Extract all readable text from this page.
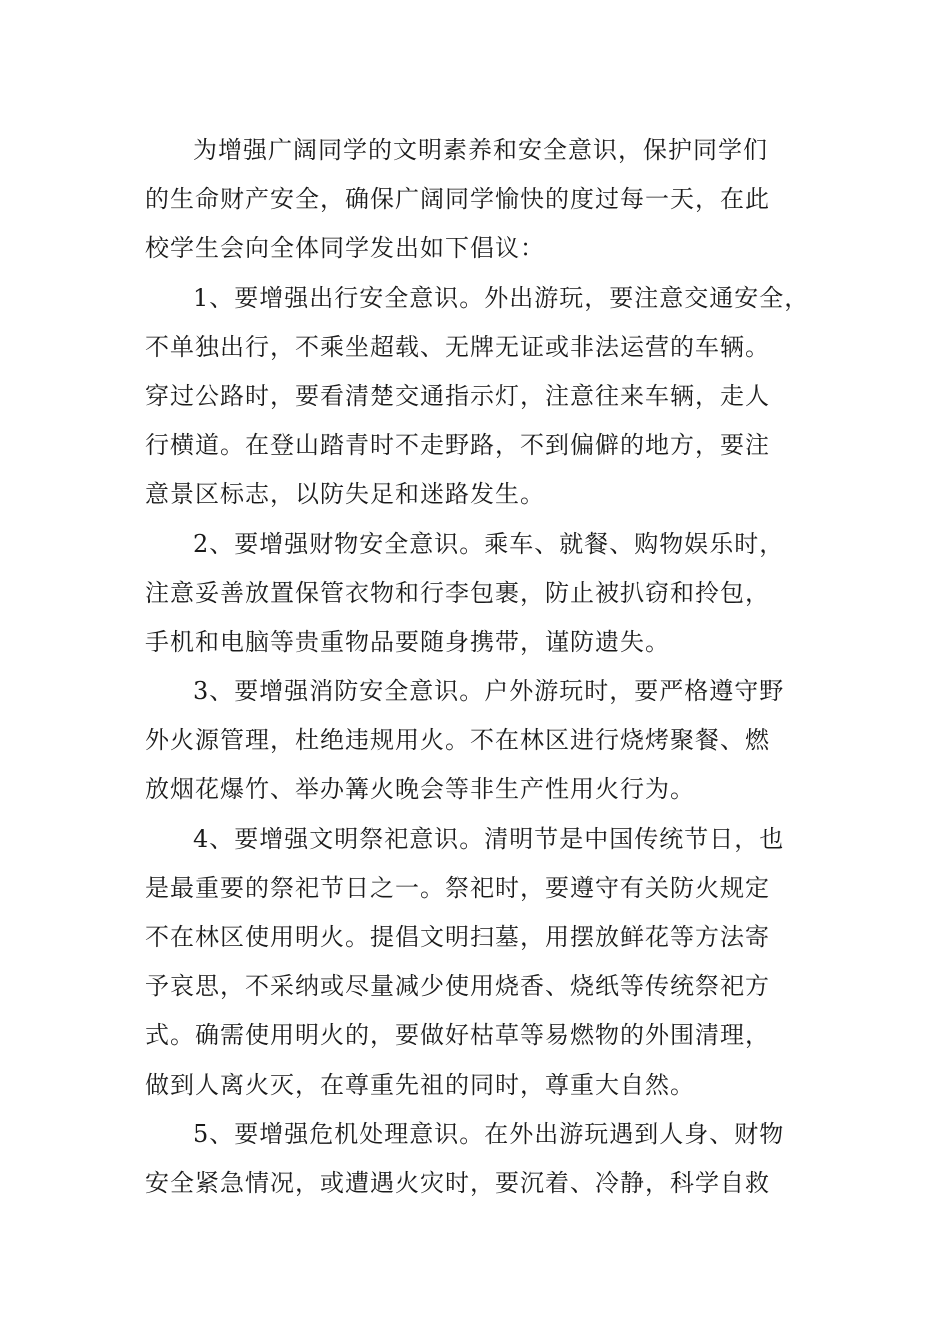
为增强广阔同学的文明素养和安全意识，保护同学们
的生命财产安全，确保广阔同学愉快的度过每一天，在此
校学生会向全体同学发出如下倡议：
1、要增强出行安全意识。外出游玩，要注意交通安全，
不单独出行，不乘坐超载、无牌无证或非法运营的车辆。
穿过公路时，要看清楚交通指示灯，注意往来车辆，走人
行横道。在登山踏青时不走野路，不到偏僻的地方，要注
意景区标志，以防失足和迷路发生。
2、要增强财物安全意识。乘车、就餐、购物娱乐时，
注意妥善放置保管衣物和行李包裹，防止被扒窃和拎包，
手机和电脑等贵重物品要随身携带，谨防遗失。
3、要增强消防安全意识。户外游玩时，要严格遵守野
外火源管理，杜绝违规用火。不在林区进行烧烤聚餐、燃
放烟花爆竹、举办篝火晚会等非生产性用火行为。
4、要增强文明祭祀意识。清明节是中国传统节日，也
是最重要的祭祀节日之一。祭祀时，要遵守有关防火规定
不在林区使用明火。提倡文明扫墓，用摆放鲜花等方法寄
予哀思，不采纳或尽量减少使用烧香、烧纸等传统祭祀方
式。确需使用明火的，要做好枯草等易燃物的外围清理，
做到人离火灭，在尊重先祖的同时，尊重大自然。
5、要增强危机处理意识。在外出游玩遇到人身、财物
安全紧急情况，或遭遇火灾时，要沉着、冷静，科学自救
